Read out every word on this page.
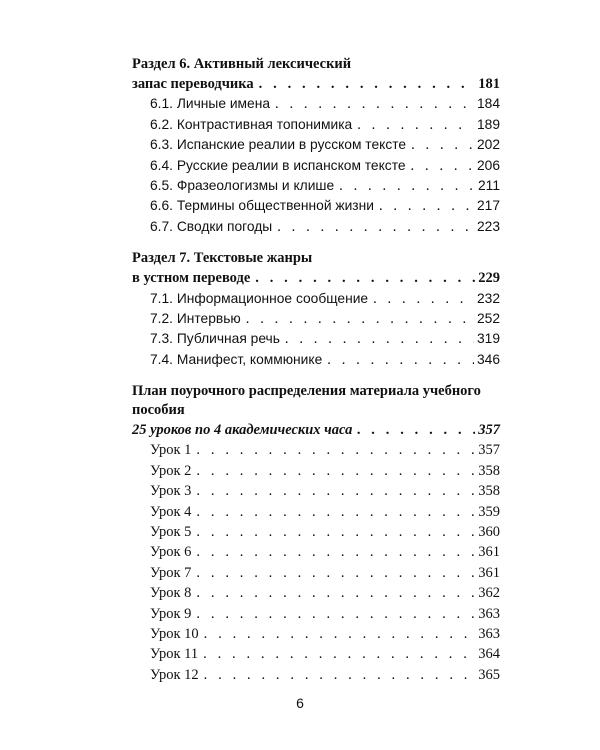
Раздел 6. Активный лексический
запас переводчика . . .	181
6.1. Личные имена . . .	184
6.2. Контрастивная топонимика . . .	189
6.3. Испанские реалии в русском тексте . . .	202
6.4. Русские реалии в испанском тексте . . .	206
6.5. Фразеологизмы и клише . . .	211
6.6. Термины общественной жизни . . .	217
6.7. Сводки погоды . . .	223
Раздел 7. Текстовые жанры
в устном переводе . . .	229
7.1. Информационное сообщение . . .	232
7.2. Интервью . . .	252
7.3. Публичная речь . . .	319
7.4. Манифест, коммюнике . . .	346
План поурочного распределения материала учебного пособия
25 уроков по 4 академических часа . . .	357
Урок 1 . . .	357
Урок 2 . . .	358
Урок 3 . . .	358
Урок 4 . . .	359
Урок 5 . . .	360
Урок 6 . . .	361
Урок 7 . . .	361
Урок 8 . . .	362
Урок 9 . . .	363
Урок 10 . . .	363
Урок 11 . . .	364
Урок 12 . . .	365
6
